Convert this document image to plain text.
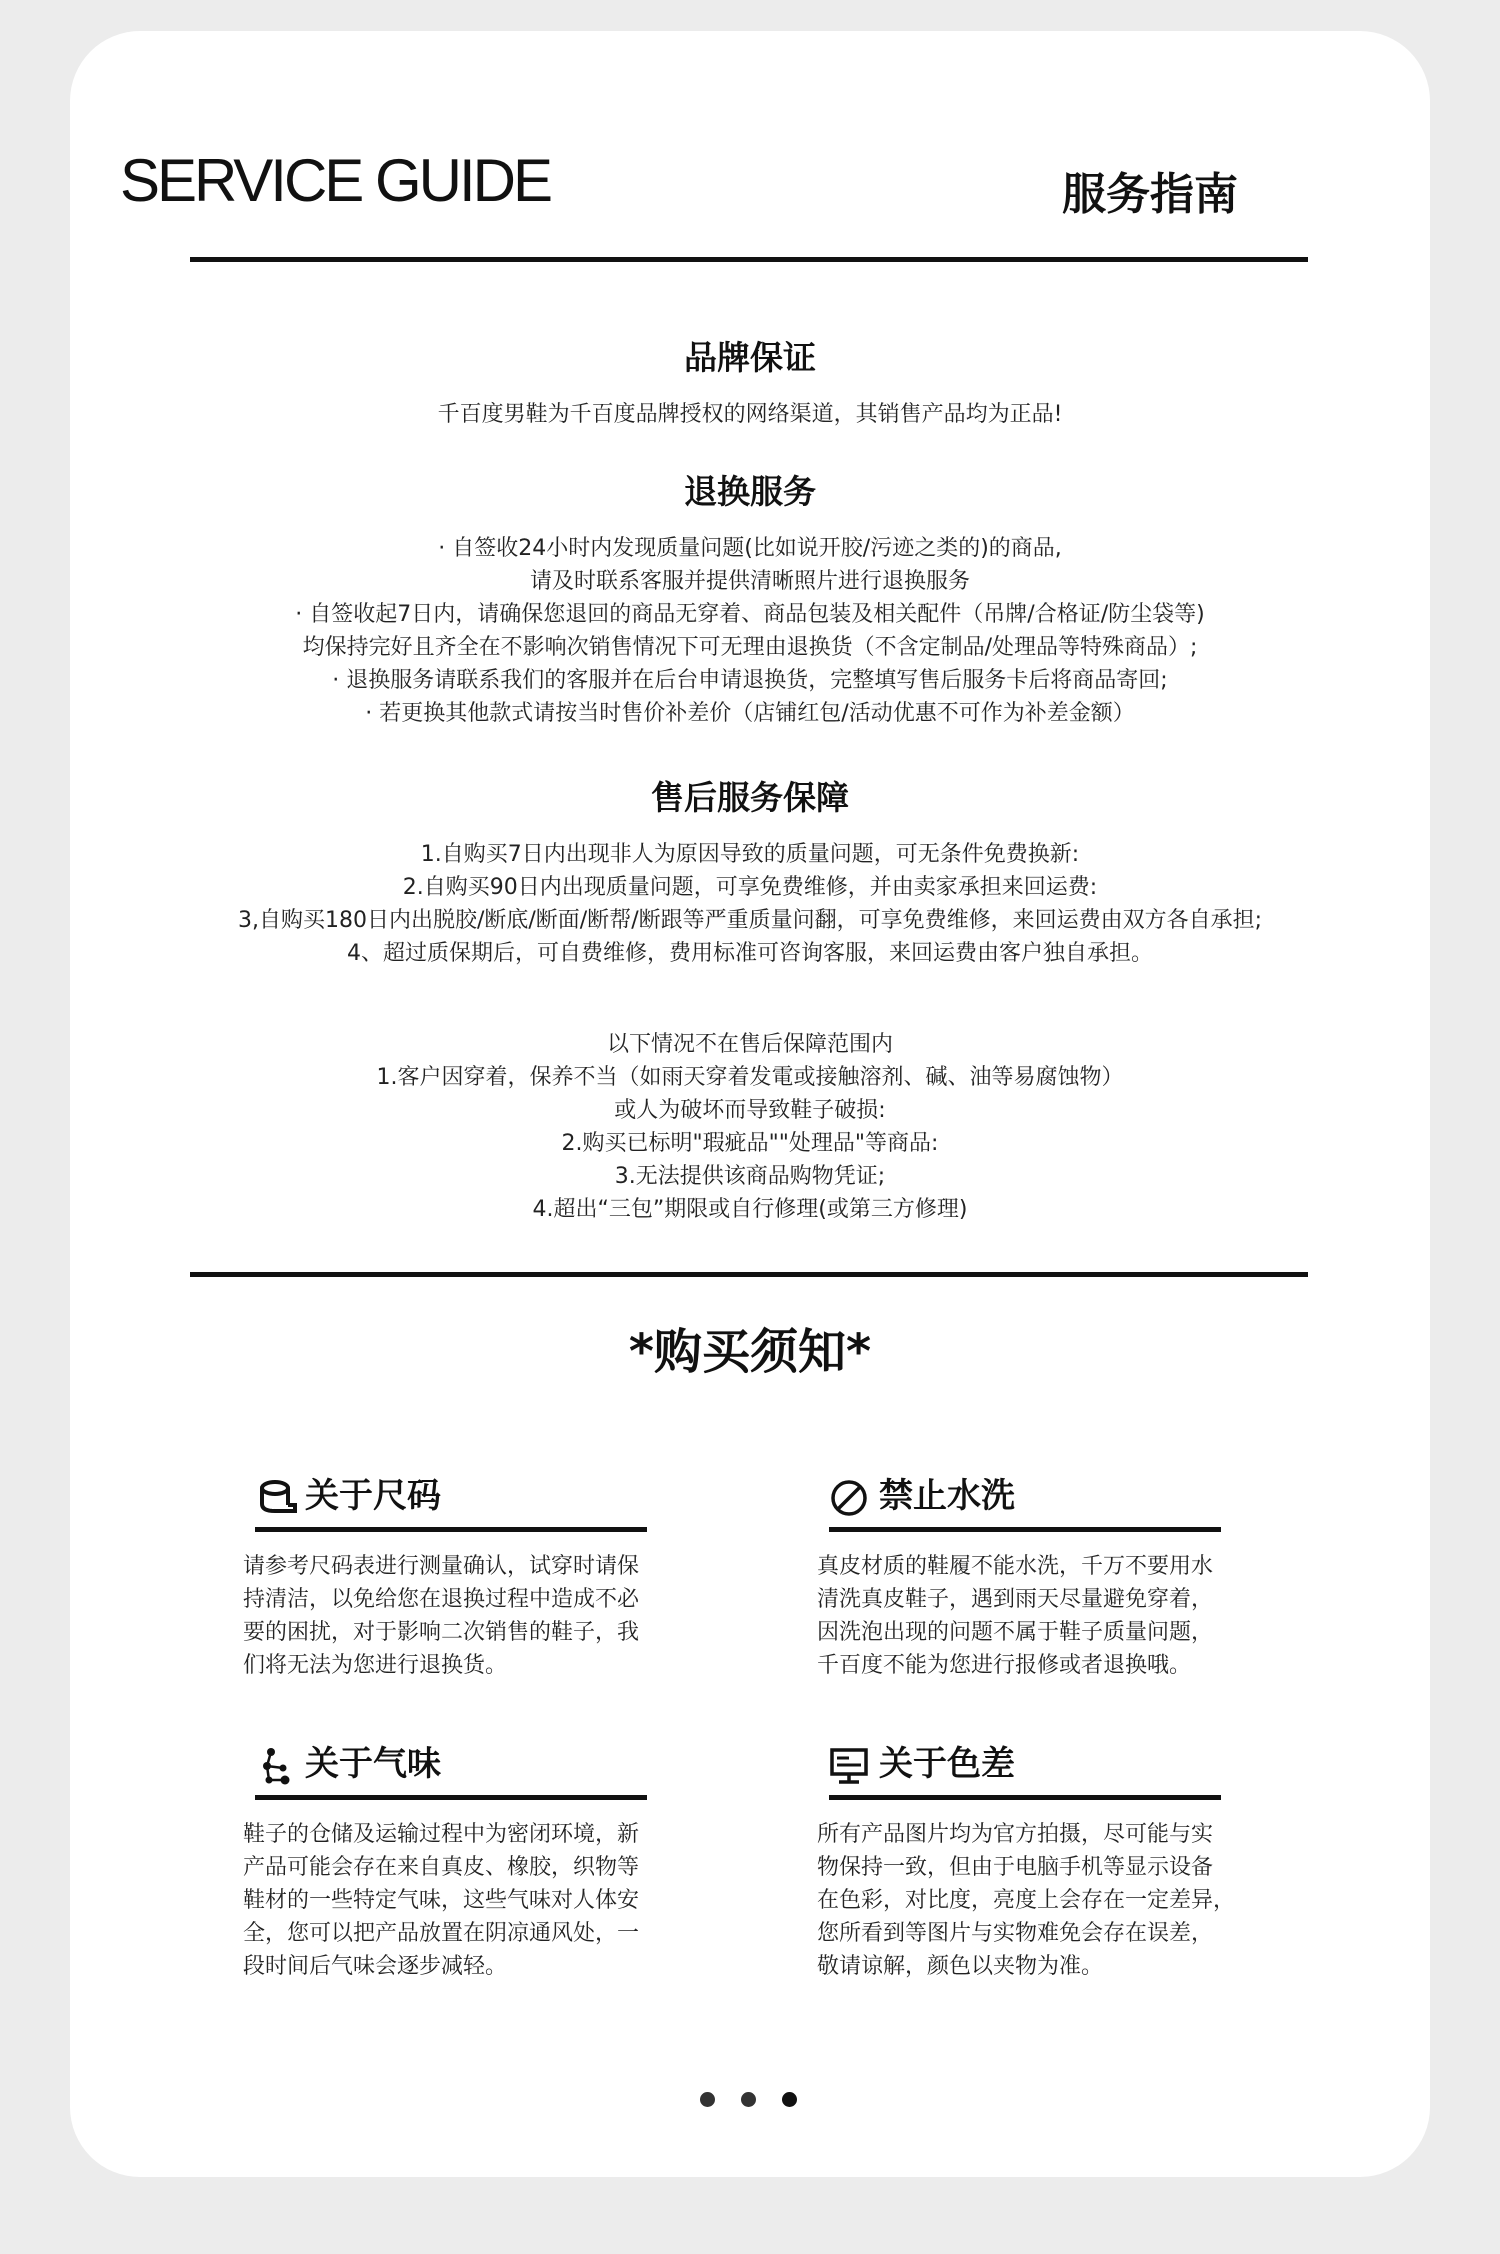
SERVICE GUIDE	服务指南
品牌保证
千百度男鞋为千百度品牌授权的网络渠道，其销售产品均为正品!
退换服务
· 自签收24小时内发现质量问题(比如说开胶/污迹之类的)的商品,
请及时联系客服并提供清晰照片进行退换服务
· 自签收起7日内，请确保您退回的商品无穿着、商品包装及相关配件（吊牌/合格证/防尘袋等)
均保持完好且齐全在不影响次销售情况下可无理由退换货（不含定制品/处理品等特殊商品）;
· 退换服务请联系我们的客服并在后台申请退换货，完整填写售后服务卡后将商品寄回;
· 若更换其他款式请按当时售价补差价（店铺红包/活动优惠不可作为补差金额）
售后服务保障
1.自购买7日内出现非人为原因导致的质量问题，可无条件免费换新:
2.自购买90日内出现质量问题，可享免费维修，并由卖家承担来回运费:
3,自购买180日内出脱胶/断底/断面/断帮/断跟等严重质量问翻，可享免费维修，来回运费由双方各自承担;
4、超过质保期后，可自费维修，费用标准可咨询客服，来回运费由客户独自承担。
以下情况不在售后保障范围内
1.客户因穿着，保养不当（如雨天穿着发電或接触溶剂、碱、油等易腐蚀物）
或人为破坏而导致鞋子破损:
2.购买已标明"瑕疵品""处理品"等商品:
3.无法提供该商品购物凭证;
4.超出“三包”期限或自行修理(或第三方修理)
*购买须知*
关于尺码
请参考尺码表进行测量确认，试穿时请保
持清洁，以免给您在退换过程中造成不必
要的困扰，对于影响二次销售的鞋子，我
们将无法为您进行退换货。
禁止水洗
真皮材质的鞋履不能水洗，千万不要用水
清洗真皮鞋子，遇到雨天尽量避免穿着，
因洗泡出现的问题不属于鞋子质量问题，
千百度不能为您进行报修或者退换哦。
关于气味
鞋子的仓储及运输过程中为密闭环境，新
产品可能会存在来自真皮、橡胶，织物等
鞋材的一些特定气味，这些气味对人体安
全，您可以把产品放置在阴凉通风处，一
段时间后气味会逐步减轻。
关于色差
所有产品图片均为官方拍摄，尽可能与实
物保持一致，但由于电脑手机等显示设备
在色彩，对比度，亮度上会存在一定差异，
您所看到等图片与实物难免会存在误差，
敬请谅解，颜色以夹物为准。
